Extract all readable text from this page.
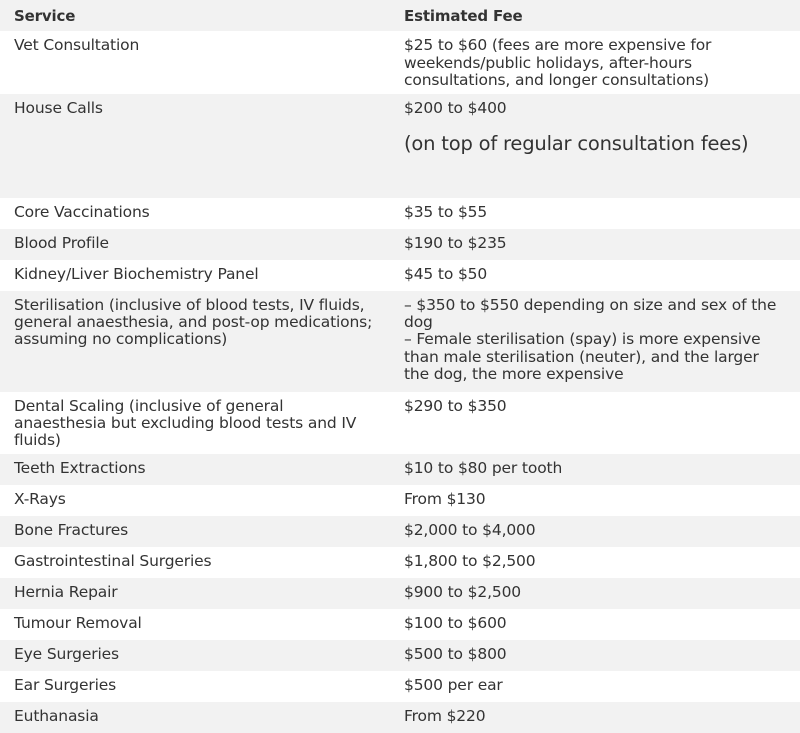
Service	Estimated Fee
Vet Consultation	$25 to $60 (fees are more expensive for weekends/public holidays, after-hours consultations, and longer consultations)
House Calls	$200 to $400
(on top of regular consultation fees)

Core Vaccinations	$35 to $55
Blood Profile	$190 to $235
Kidney/Liver Biochemistry Panel	$45 to $50
Sterilisation (inclusive of blood tests, IV fluids, general anaesthesia, and post-op medications; assuming no complications)	– $350 to $550 depending on size and sex of the dog
– Female sterilisation (spay) is more expensive than male sterilisation (neuter), and the larger the dog, the more expensive

Dental Scaling (inclusive of general anaesthesia but excluding blood tests and IV fluids)	$290 to $350
Teeth Extractions	$10 to $80 per tooth
X-Rays	From $130
Bone Fractures	$2,000 to $4,000
Gastrointestinal Surgeries	$1,800 to $2,500
Hernia Repair	$900 to $2,500
Tumour Removal	$100 to $600
Eye Surgeries	$500 to $800
Ear Surgeries	$500 per ear
Euthanasia	From $220
